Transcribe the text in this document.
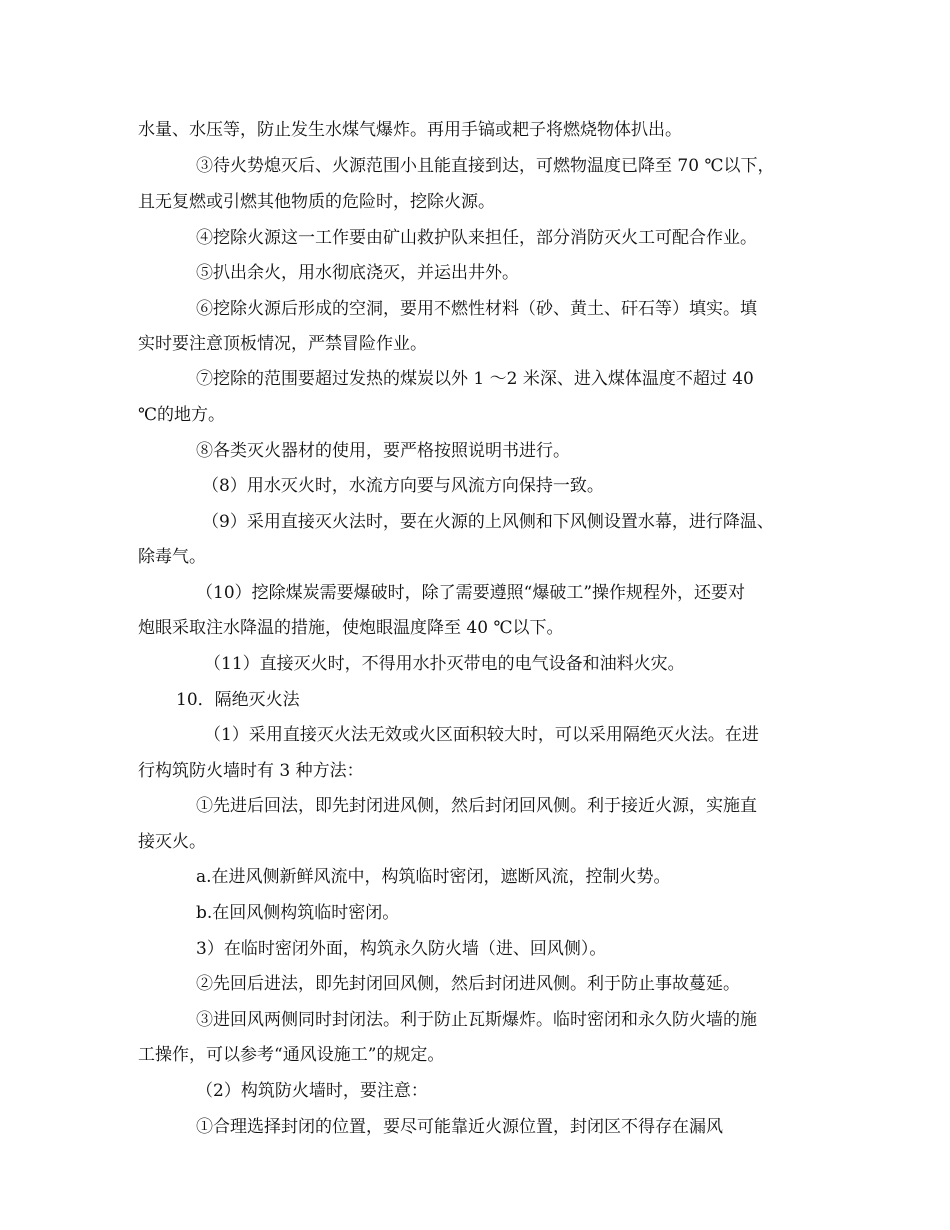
水量、水压等，防止发生水煤气爆炸。再用手镐或耙子将燃烧物体扒出。
③待火势熄灭后、火源范围小且能直接到达，可燃物温度已降至 70 ℃以下，
且无复燃或引燃其他物质的危险时，挖除火源。
④挖除火源这一工作要由矿山救护队来担任，部分消防灭火工可配合作业。
⑤扒出余火，用水彻底浇灭，并运出井外。
⑥挖除火源后形成的空洞，要用不燃性材料（砂、黄土、矸石等）填实。填
实时要注意顶板情况，严禁冒险作业。
⑦挖除的范围要超过发热的煤炭以外 1 ～2 米深、进入煤体温度不超过 40
℃的地方。
⑧各类灭火器材的使用，要严格按照说明书进行。
（8）用水灭火时，水流方向要与风流方向保持一致。
（9）采用直接灭火法时，要在火源的上风侧和下风侧设置水幕，进行降温、
除毒气。
（10）挖除煤炭需要爆破时，除了需要遵照“爆破工”操作规程外，还要对
炮眼采取注水降温的措施，使炮眼温度降至 40 ℃以下。
（11）直接灭火时，不得用水扑灭带电的电气设备和油料火灾。
10．隔绝灭火法
（1）采用直接灭火法无效或火区面积较大时，可以采用隔绝灭火法。在进
行构筑防火墙时有 3 种方法：
①先进后回法，即先封闭进风侧，然后封闭回风侧。利于接近火源，实施直
接灭火。
a.在进风侧新鲜风流中，构筑临时密闭，遮断风流，控制火势。
b.在回风侧构筑临时密闭。
3）在临时密闭外面，构筑永久防火墙（进、回风侧）。
②先回后进法，即先封闭回风侧，然后封闭进风侧。利于防止事故蔓延。
③进回风两侧同时封闭法。利于防止瓦斯爆炸。临时密闭和永久防火墙的施
工操作，可以参考“通风设施工”的规定。
（2）构筑防火墙时，要注意：
①合理选择封闭的位置，要尽可能靠近火源位置，封闭区不得存在漏风
